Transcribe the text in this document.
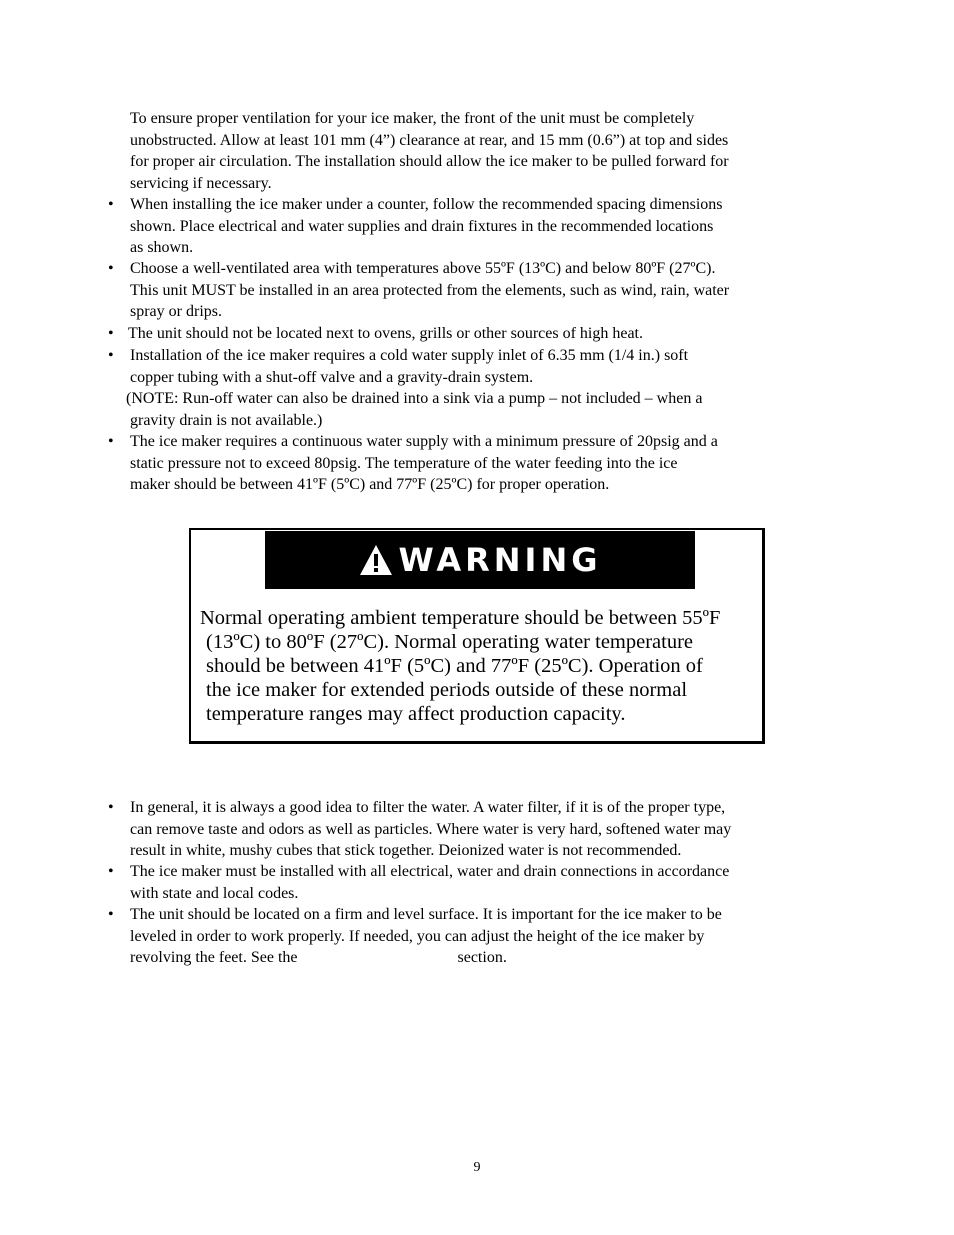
To ensure proper ventilation for your ice maker, the front of the unit must be completely
unobstructed. Allow at least 101 mm (4”) clearance at rear, and 15 mm (0.6”) at top and sides
for proper air circulation. The installation should allow the ice maker to be pulled forward for
servicing if necessary.
•	When installing the ice maker under a counter, follow the recommended spacing dimensions
shown. Place electrical and water supplies and drain fixtures in the recommended locations
as shown.
•	Choose a well-ventilated area with temperatures above 55ºF (13ºC) and below 80ºF (27ºC).
This unit MUST be installed in an area protected from the elements, such as wind, rain, water
spray or drips.
• The unit should not be located next to ovens, grills or other sources of high heat.
•	Installation of the ice maker requires a cold water supply inlet of 6.35 mm (1/4 in.) soft
copper tubing with a shut-off valve and a gravity-drain system.
(NOTE: Run-off water can also be drained into a sink via a pump – not included – when a
gravity drain is not available.)
•	The ice maker requires a continuous water supply with a minimum pressure of 20psig and a
static pressure not to exceed 80psig. The temperature of the water feeding into the ice
maker should be between 41ºF (5ºC) and 77ºF (25ºC) for proper operation.
WARNING
Normal operating ambient temperature should be between 55ºF
(13ºC) to 80ºF (27ºC). Normal operating water temperature
should be between 41ºF (5ºC) and 77ºF (25ºC). Operation of
the ice maker for extended periods outside of these normal
temperature ranges may affect production capacity.
•	In general, it is always a good idea to filter the water. A water filter, if it is of the proper type,
can remove taste and odors as well as particles. Where water is very hard, softened water may
result in white, mushy cubes that stick together. Deionized water is not recommended.
•	The ice maker must be installed with all electrical, water and drain connections in accordance
with state and local codes.
•	The unit should be located on a firm and level surface. It is important for the ice maker to be
leveled in order to work properly. If needed, you can adjust the height of the ice maker by
revolving the feet. See the                                        section.
9
